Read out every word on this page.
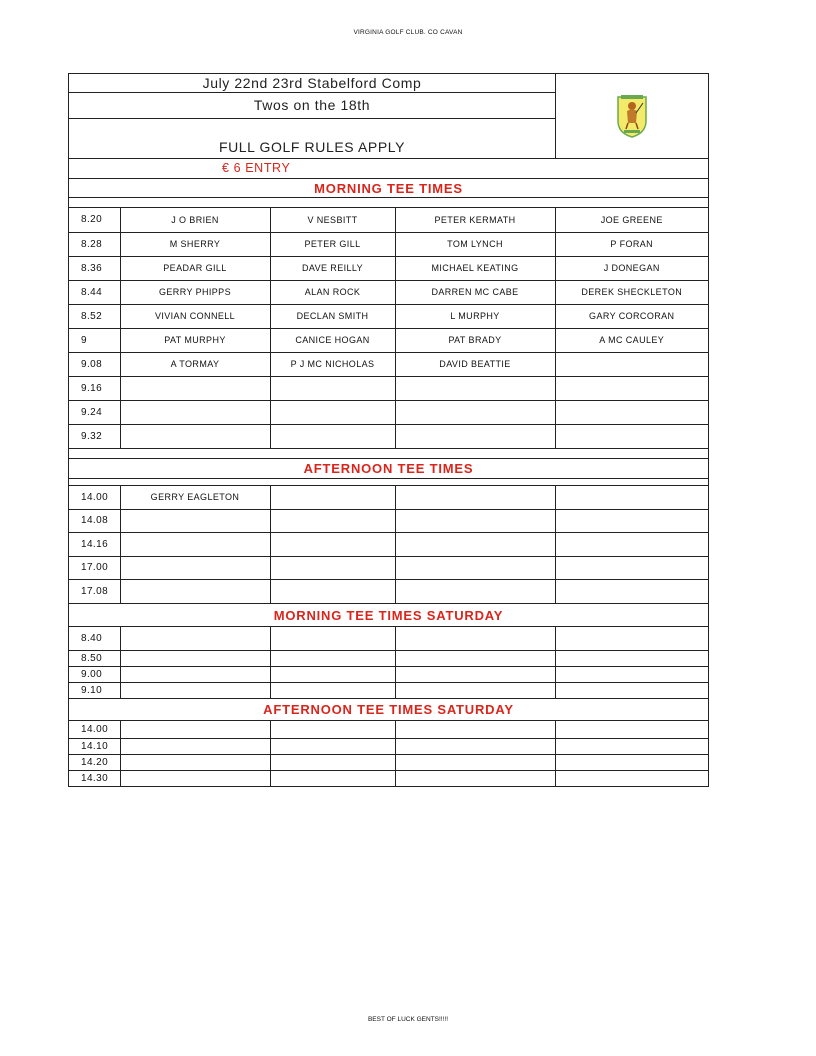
VIRGINIA GOLF CLUB. CO CAVAN
July 22nd 23rd Stabelford Comp
Twos on the 18th
FULL GOLF RULES APPLY
€ 6 ENTRY
MORNING TEE TIMES
8.20	J O BRIEN	V NESBITT	PETER KERMATH	JOE GREENE
8.28	M SHERRY	PETER GILL	TOM LYNCH	P FORAN
8.36	PEADAR GILL	DAVE REILLY	MICHAEL KEATING	J DONEGAN
8.44	GERRY PHIPPS	ALAN ROCK	DARREN MC CABE	DEREK SHECKLETON
8.52	VIVIAN CONNELL	DECLAN SMITH	L MURPHY	GARY CORCORAN
9	PAT MURPHY	CANICE HOGAN	PAT BRADY	A MC CAULEY
9.08	A TORMAY	P J MC NICHOLAS	DAVID BEATTIE	
9.16				
9.24				
9.32				
AFTERNOON TEE TIMES
14.00	GERRY EAGLETON			
14.08				
14.16				
17.00				
17.08				
MORNING TEE TIMES SATURDAY
8.40				
8.50				
9.00				
9.10				
AFTERNOON TEE TIMES SATURDAY
14.00				
14.10				
14.20				
14.30				
BEST OF LUCK GENTS!!!!!
